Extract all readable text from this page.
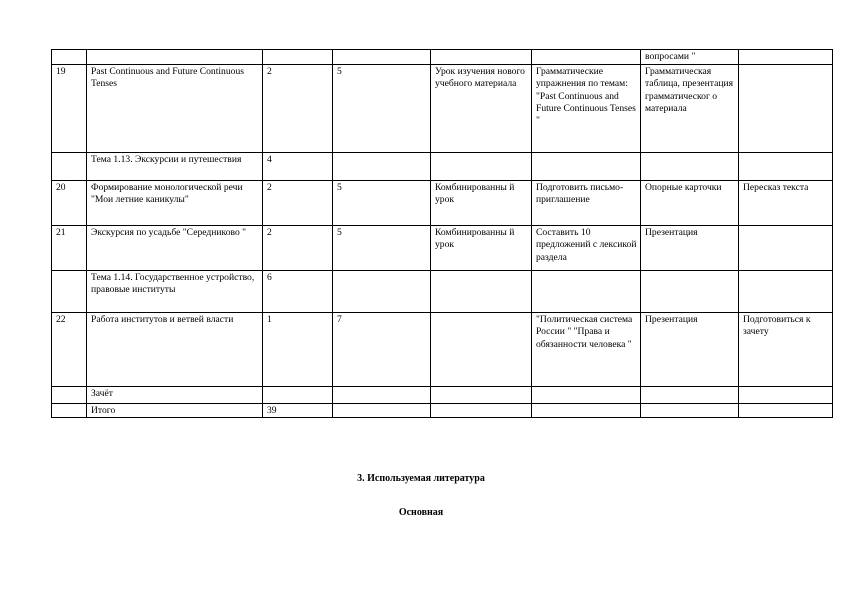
						вопросами "	
19	Past Continuous and Future Continuous Tenses	2	5	Урок изучения нового учебного материала	Грамматические упражнения по темам: "Past Continuous and Future Continuous Tenses "	Грамматическая таблица, презентация грамматическог о материала	
	Тема 1.13. Экскурсии и путешествия	4					
20	Формирование монологической речи "Мои летние каникулы"	2	5	Комбинированны й урок	Подготовить письмо-приглашение	Опорные карточки	Пересказ текста
21	Экскурсия по усадьбе "Середниково "	2	5	Комбинированны й урок	Составить 10 предложений с лексикой раздела	Презентация	
	Тема 1.14. Государственное устройство, правовые институты	6					
22	Работа институтов и ветвей власти	1	7		"Политическая система России " "Права и обязанности человека "	Презентация	Подготовиться к зачету
	Зачёт						
	Итого	39					
3. Используемая литература
Основная
